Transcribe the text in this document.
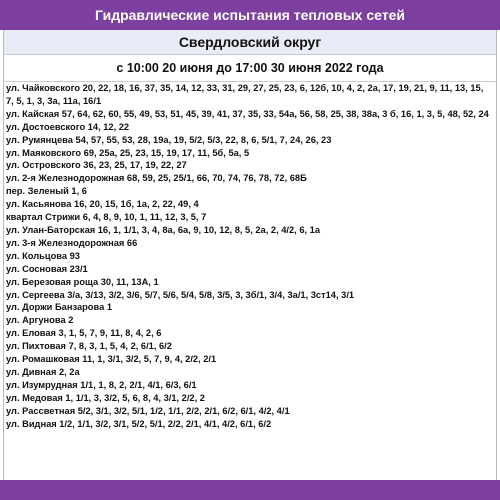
Гидравлические испытания тепловых сетей
Свердловский округ
с 10:00 20 июня до 17:00 30 июня 2022 года
ул. Чайковского 20, 22, 18, 16, 37, 35, 14, 12, 33, 31, 29, 27, 25, 23, 6, 12б, 10, 4, 2, 2а, 17, 19, 21, 9, 11, 13, 15, 7, 5, 1, 3, 3а, 11а, 16/1
ул. Кайская 57, 64, 62, 60, 55, 49, 53, 51, 45, 39, 41, 37, 35, 33, 54а, 56, 58, 25, 38, 38а, 3 б, 16, 1, 3, 5, 48, 52, 24
ул. Достоевского 14, 12, 22
ул. Румянцева 54, 57, 55, 53, 28, 19а, 19, 5/2, 5/3, 22, 8, 6, 5/1, 7, 24, 26, 23
ул. Маяковского 69, 25а, 25, 23, 15, 19, 17, 11, 5б, 5а, 5
ул. Островского 36, 23, 25, 17, 19, 22, 27
ул. 2-я Железнодорожная 68, 59, 25, 25/1, 66, 70, 74, 76, 78, 72, 68Б
пер. Зеленый 1, 6
ул. Касьянова 16, 20, 15, 1б, 1а, 2, 22, 49, 4
квартал Стрижи 6, 4, 8, 9, 10, 1, 11, 12, 3, 5, 7
ул. Улан-Баторская 16, 1, 1/1, 3, 4, 8а, 6а, 9, 10, 12, 8, 5, 2а, 2, 4/2, 6, 1а
ул. 3-я Железнодорожная 66
ул. Кольцова 93
ул. Сосновая 23/1
ул. Березовая роща 30, 11, 13А, 1
ул. Сергеева 3/а, 3/13, 3/2, 3/6, 5/7, 5/6, 5/4, 5/8, 3/5, 3, 3б/1, 3/4, 3а/1, 3ст14, 3/1
ул. Доржи Банзарова 1
ул. Аргунова 2
ул. Еловая 3, 1, 5, 7, 9, 11, 8, 4, 2, 6
ул. Пихтовая 7, 8, 3, 1, 5, 4, 2, 6/1, 6/2
ул. Ромашковая 11, 1, 3/1, 3/2, 5, 7, 9, 4, 2/2, 2/1
ул. Дивная 2, 2а
ул. Изумрудная 1/1, 1, 8, 2, 2/1, 4/1, 6/3, 6/1
ул. Медовая 1, 1/1, 3, 3/2, 5, 6, 8, 4, 3/1, 2/2, 2
ул. Рассветная 5/2, 3/1, 3/2, 5/1, 1/2, 1/1, 2/2, 2/1, 6/2, 6/1, 4/2, 4/1
ул. Видная 1/2, 1/1, 3/2, 3/1, 5/2, 5/1, 2/2, 2/1, 4/1, 4/2, 6/1, 6/2
